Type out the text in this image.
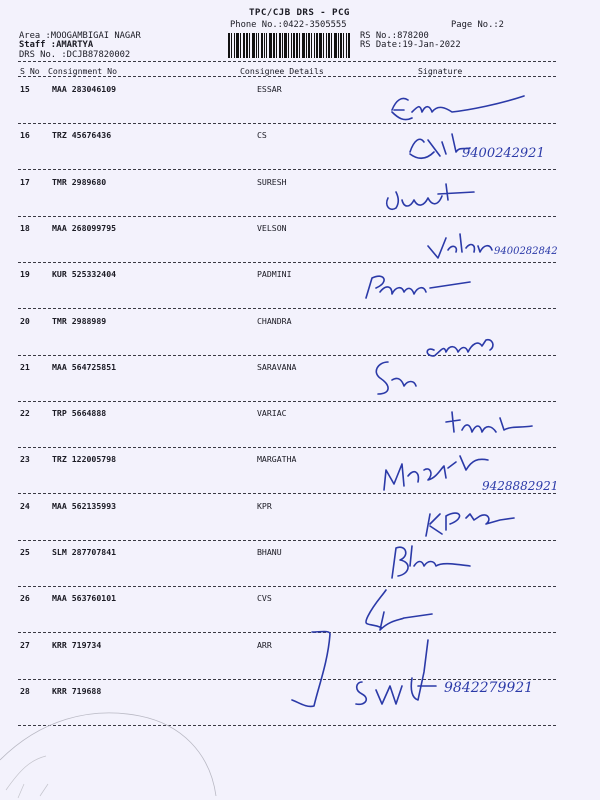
TPC/CJB DRS - PCG
Phone No.:0422-3505555	Page No.:2
Area :MOOGAMBIGAI NAGAR
Staff :AMARTYA
DRS No. :DCJB87820002
RS No.:878200
RS Date:19-Jan-2022
S No Consignment No	Consignee Details	Signature
15	MAA 283046109	ESSAR
16	TRZ 45676436	CS
17	TMR 2989680	SURESH
18	MAA 268099795	VELSON
19	KUR 525332404	PADMINI
20	TMR 2988989	CHANDRA
21	MAA 564725851	SARAVANA
22	TRP 5664888	VARIAC
23	TRZ 122005798	MARGATHA
24	MAA 562135993	KPR
25	SLM 287707841	BHANU
26	MAA 563760101	CVS
27	KRR 719734	ARR
28	KRR 719688
9400242921
9400282842
9428882921
9842279921
